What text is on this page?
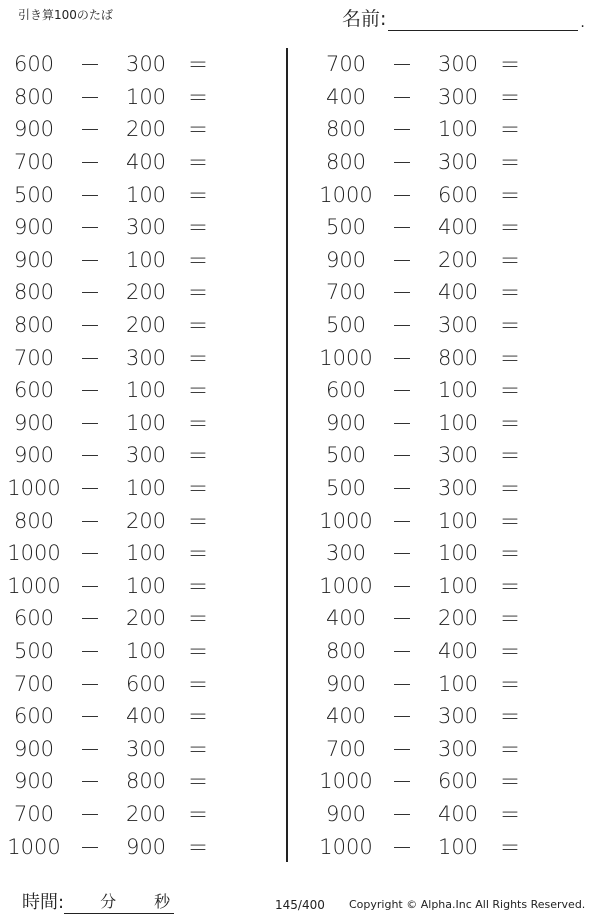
引き算100のたば	名前:	.
600	－	300	＝
800	－	100	＝
900	－	200	＝
700	－	400	＝
500	－	100	＝
900	－	300	＝
900	－	100	＝
800	－	200	＝
800	－	200	＝
700	－	300	＝
600	－	100	＝
900	－	100	＝
900	－	300	＝
1000 －	100	＝
800	－	200	＝
1000 －	100	＝
1000 －	100	＝
600	－	200	＝
500	－	100	＝
700	－	600	＝
600	－	400	＝
900	－	300	＝
900	－	800	＝
700	－	200	＝
1000 －	900	＝
700	－	300	＝
400	－	300	＝
800	－	100	＝
800	－	300	＝
1000 －	600	＝
500	－	400	＝
900	－	200	＝
700	－	400	＝
500	－	300	＝
1000 －	800	＝
600	－	100	＝
900	－	100	＝
500	－	300	＝
500	－	300	＝
1000 －	100	＝
300	－	100	＝
1000 －	100	＝
400	－	200	＝
800	－	400	＝
900	－	100	＝
400	－	300	＝
700	－	300	＝
1000 －	600	＝
900	－	400	＝
1000 －	100	＝
時間: 分 秒	145/400 Copyright © Alpha.Inc All Rights Reserved.
